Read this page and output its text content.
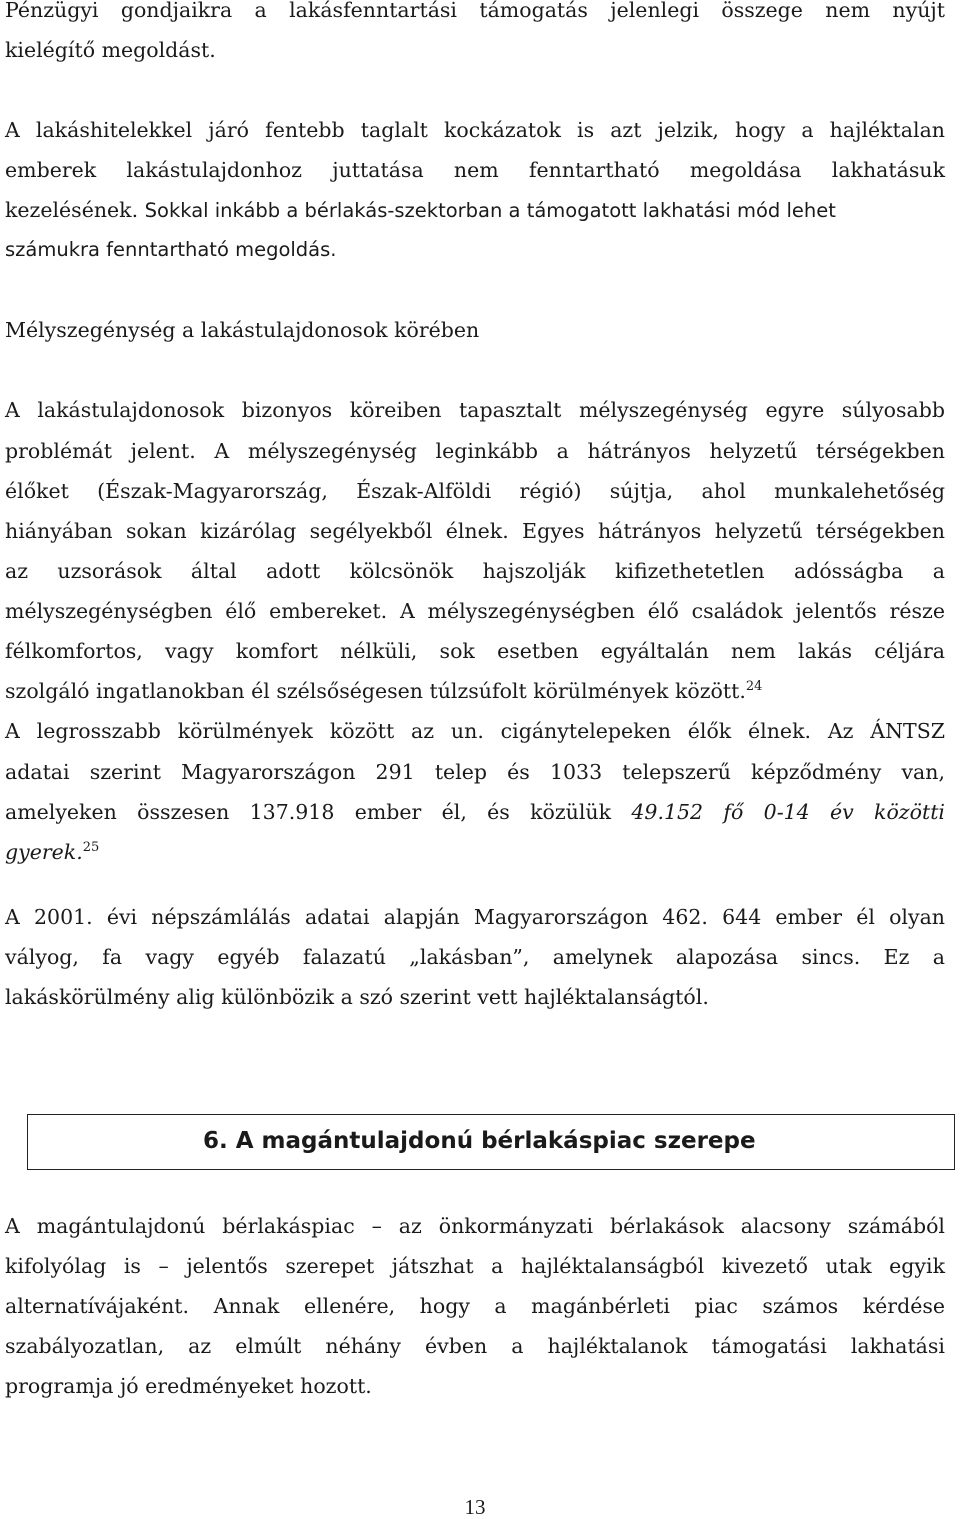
Pénzügyi gondjaikra a lakásfenntartási támogatás jelenlegi összege nem nyújt
kielégítő megoldást.
A lakáshitelekkel járó fentebb taglalt kockázatok is azt jelzik, hogy a hajléktalan
emberek lakástulajdonhoz juttatása nem fenntartható megoldása lakhatásuk
kezelésének. Sokkal inkább a bérlakás-szektorban a támogatott lakhatási mód lehet
számukra fenntartható megoldás.
Mélyszegénység a lakástulajdonosok körében
A lakástulajdonosok bizonyos köreiben tapasztalt mélyszegénység egyre súlyosabb
problémát jelent. A mélyszegénység leginkább a hátrányos helyzetű térségekben
élőket (Észak-Magyarország, Észak-Alföldi régió) sújtja, ahol munkalehetőség
hiányában sokan kizárólag segélyekből élnek. Egyes hátrányos helyzetű térségekben
az uzsorások által adott kölcsönök hajszolják kifizethetetlen adósságba a
mélyszegénységben élő embereket. A mélyszegénységben élő családok jelentős része
félkomfortos, vagy komfort nélküli, sok esetben egyáltalán nem lakás céljára
szolgáló ingatlanokban él szélsőségesen túlzsúfolt körülmények között.$^{24}$
A legrosszabb körülmények között az un. cigánytelepeken élők élnek. Az ÁNTSZ
adatai szerint Magyarországon 291 telep és 1033 telepszerű képződmény van,
amelyeken összesen 137.918 ember él, és közülük 49.152 fő 0-14 év közötti
gyerek.$^{25}$
A 2001. évi népszámlálás adatai alapján Magyarországon 462. 644 ember él olyan
vályog, fa vagy egyéb falazatú „lakásban”, amelynek alapozása sincs. Ez a
lakáskörülmény alig különbözik a szó szerint vett hajléktalanságtól.
A magántulajdonú bérlakáspiac – az önkormányzati bérlakások alacsony számából
kifolyólag is – jelentős szerepet játszhat a hajléktalanságból kivezető utak egyik
alternatívájaként. Annak ellenére, hogy a magánbérleti piac számos kérdése
szabályozatlan, az elmúlt néhány évben a hajléktalanok támogatási lakhatási
programja jó eredményeket hozott.
6. A magántulajdonú bérlakáspiac szerepe
13
